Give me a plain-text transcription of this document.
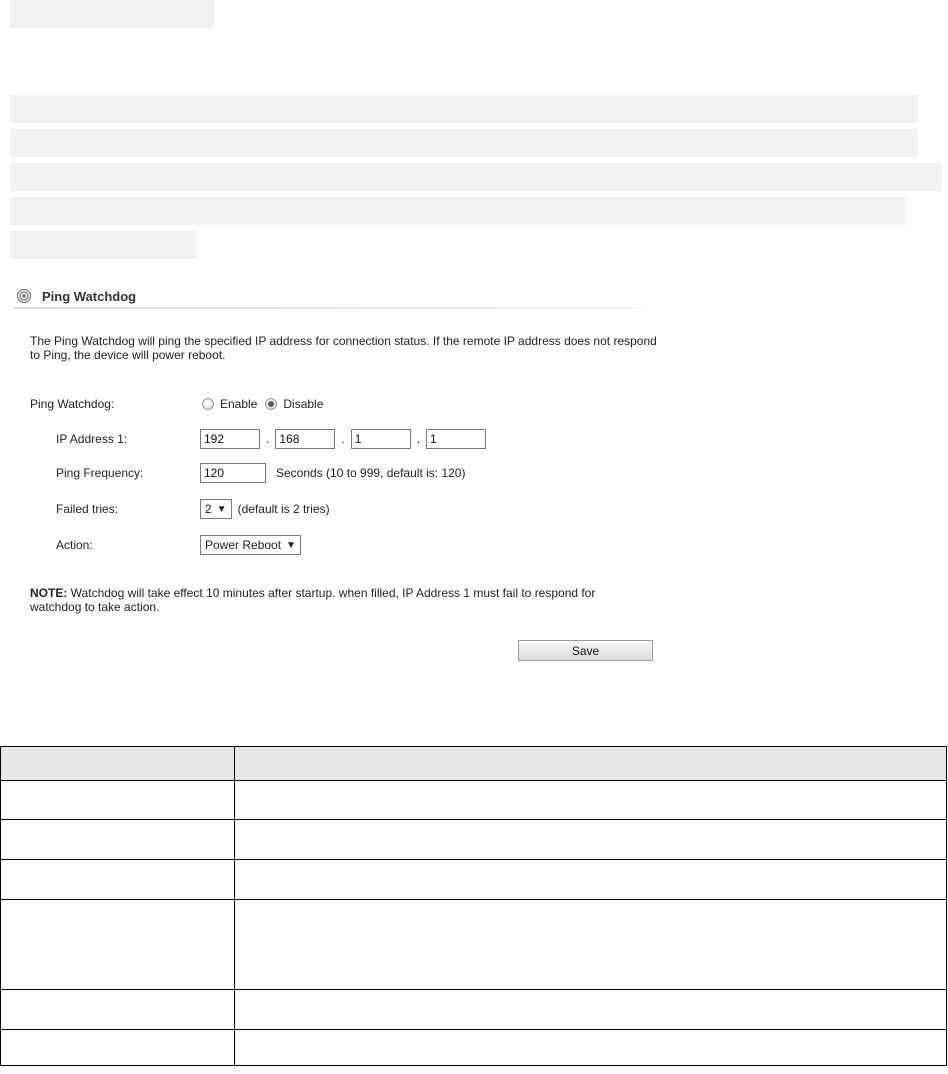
Ping Watchdog
The Ping Watchdog will ping the specified IP address for connection status. If the remote IP address does not respond to Ping, the device will power reboot.
Ping Watchdog:	Enable Disable
IP Address 1:	192	. 168	. 1	. 1
Ping Frequency:	120	Seconds (10 to 999, default is: 120)
Failed tries:	2 ▼ (default is 2 tries)
Action:	Power Reboot ▼
NOTE: Watchdog will take effect 10 minutes after startup. when filled, IP Address 1 must fail to respond for watchdog to take action.
Save
